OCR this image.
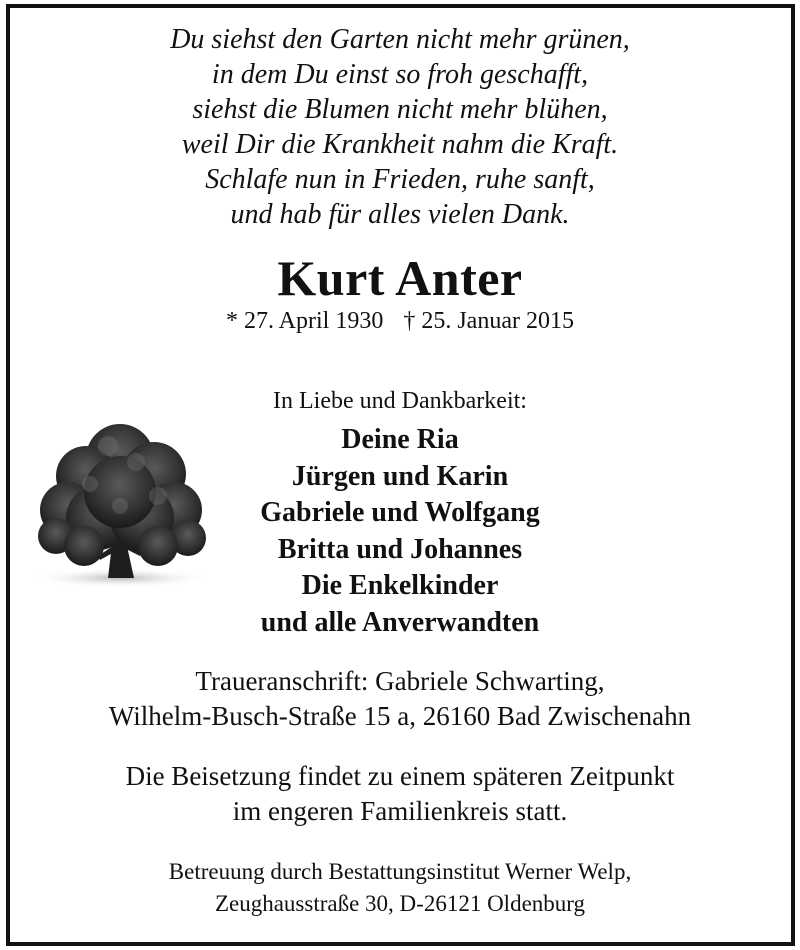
Du siehst den Garten nicht mehr grünen,
in dem Du einst so froh geschafft,
siehst die Blumen nicht mehr blühen,
weil Dir die Krankheit nahm die Kraft.
Schlafe nun in Frieden, ruhe sanft,
und hab für alles vielen Dank.
Kurt Anter
* 27. April 1930 † 25. Januar 2015
In Liebe und Dankbarkeit:
Deine Ria
Jürgen und Karin
Gabriele und Wolfgang
Britta und Johannes
Die Enkelkinder
und alle Anverwandten
Traueranschrift: Gabriele Schwarting,
Wilhelm-Busch-Straße 15 a, 26160 Bad Zwischenahn
Die Beisetzung findet zu einem späteren Zeitpunkt
im engeren Familienkreis statt.
Betreuung durch Bestattungsinstitut Werner Welp,
Zeughausstraße 30, D-26121 Oldenburg
